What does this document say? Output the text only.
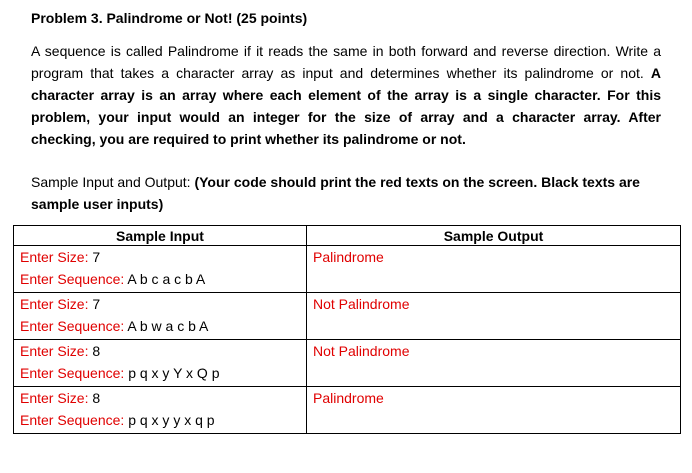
Problem 3. Palindrome or Not! (25 points)
A sequence is called Palindrome if it reads the same in both forward and reverse direction. Write a program that takes a character array as input and determines whether its palindrome or not. A character array is an array where each element of the array is a single character. For this problem, your input would an integer for the size of array and a character array. After checking, you are required to print whether its palindrome or not.
Sample Input and Output: (Your code should print the red texts on the screen. Black texts are sample user inputs)
Sample Input	Sample Output

Enter Size: 7
Enter Sequence: A b c a c b A	Palindrome

Enter Size: 7
Enter Sequence: A b w a c b A	Not Palindrome

Enter Size: 8
Enter Sequence: p q x y Y x Q p	Not Palindrome

Enter Size: 8
Enter Sequence: p q x y y x q p	Palindrome
